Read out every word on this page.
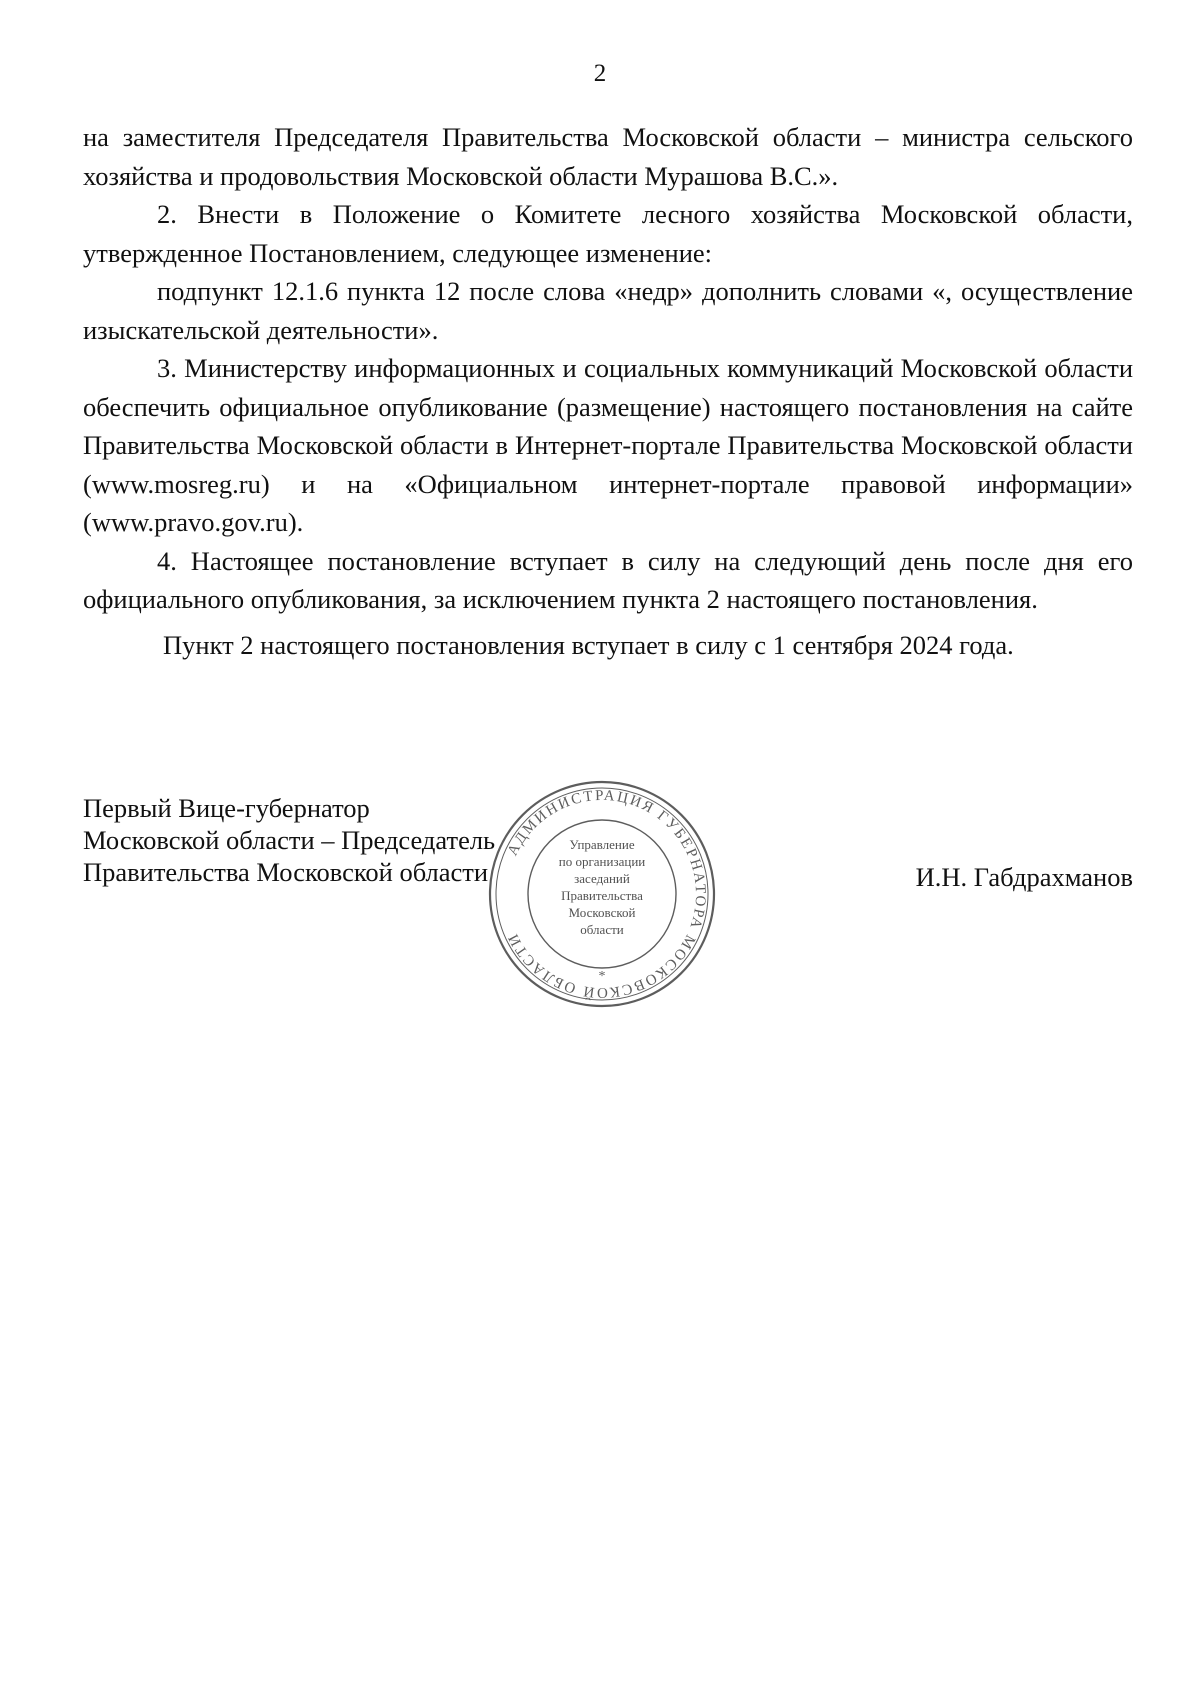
2

на заместителя Председателя Правительства Московской области – министра сельского хозяйства и продовольствия Московской области Мурашова В.С.».

2. Внести в Положение о Комитете лесного хозяйства Московской области, утвержденное Постановлением, следующее изменение:

подпункт 12.1.6 пункта 12 после слова «недр» дополнить словами «, осуществление изыскательской деятельности».

3. Министерству информационных и социальных коммуникаций Московской области обеспечить официальное опубликование (размещение) настоящего постановления на сайте Правительства Московской области в Интернет-портале Правительства Московской области (www.mosreg.ru) и на «Официальном интернет-портале правовой информации» (www.pravo.gov.ru).

4. Настоящее постановление вступает в силу на следующий день после дня его официального опубликования, за исключением пункта 2 настоящего постановления.

Пункт 2 настоящего постановления вступает в силу с 1 сентября 2024 года.

Первый Вице-губернатор
Московской области – Председатель
Правительства Московской области
АДМИНИСТРАЦИЯ ГУБЕРНАТОРА МОСКОВСКОЙ ОБЛАСТИ
*
Управление
по организации
заседаний
Правительства
Московской
области
И.Н. Габдрахманов
